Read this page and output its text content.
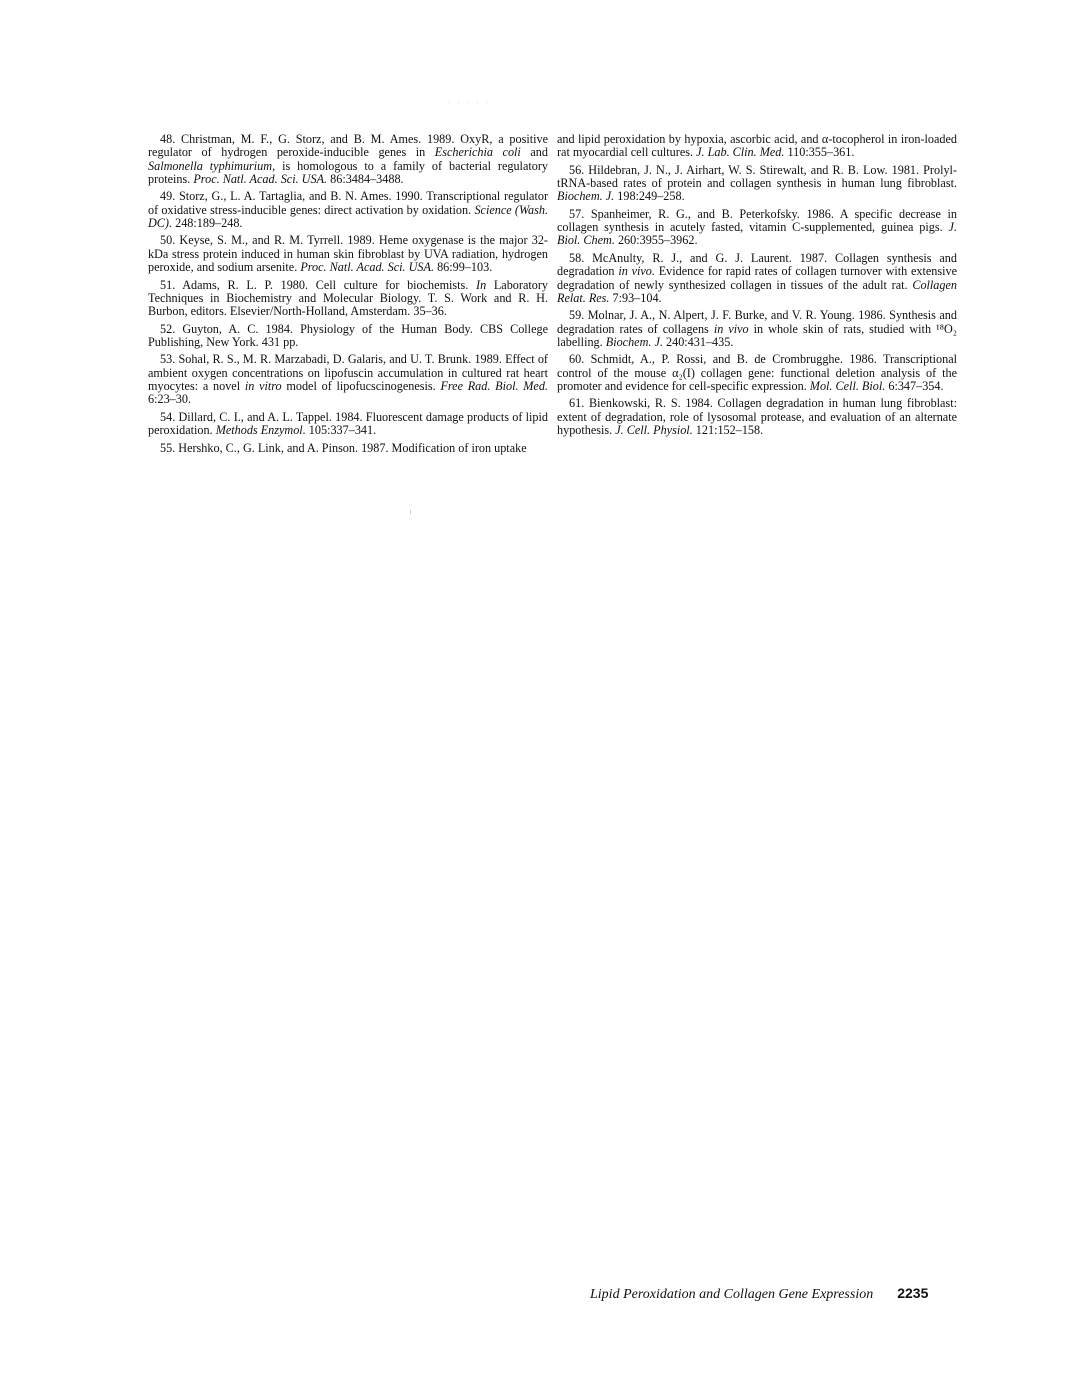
· · · · ·

48. Christman, M. F., G. Storz, and B. M. Ames. 1989. OxyR, a positive regulator of hydrogen peroxide-inducible genes in Escherichia coli and Salmonella typhimurium, is homologous to a family of bacterial regulatory proteins. Proc. Natl. Acad. Sci. USA. 86:3484–3488.

49. Storz, G., L. A. Tartaglia, and B. N. Ames. 1990. Transcriptional regulator of oxidative stress-inducible genes: direct activation by oxidation. Science (Wash. DC). 248:189–248.

50. Keyse, S. M., and R. M. Tyrrell. 1989. Heme oxygenase is the major 32-kDa stress protein induced in human skin fibroblast by UVA radiation, hydrogen peroxide, and sodium arsenite. Proc. Natl. Acad. Sci. USA. 86:99–103.

51. Adams, R. L. P. 1980. Cell culture for biochemists. In Laboratory Techniques in Biochemistry and Molecular Biology. T. S. Work and R. H. Burbon, editors. Elsevier/North-Holland, Amsterdam. 35–36.

52. Guyton, A. C. 1984. Physiology of the Human Body. CBS College Publishing, New York. 431 pp.

53. Sohal, R. S., M. R. Marzabadi, D. Galaris, and U. T. Brunk. 1989. Effect of ambient oxygen concentrations on lipofuscin accumulation in cultured rat heart myocytes: a novel in vitro model of lipofucscinogenesis. Free Rad. Biol. Med. 6:23–30.

54. Dillard, C. I., and A. L. Tappel. 1984. Fluorescent damage products of lipid peroxidation. Methods Enzymol. 105:337–341.

55. Hershko, C., G. Link, and A. Pinson. 1987. Modification of iron uptake

and lipid peroxidation by hypoxia, ascorbic acid, and α-tocopherol in iron-loaded rat myocardial cell cultures. J. Lab. Clin. Med. 110:355–361.

56. Hildebran, J. N., J. Airhart, W. S. Stirewalt, and R. B. Low. 1981. Prolyl-tRNA-based rates of protein and collagen synthesis in human lung fibroblast. Biochem. J. 198:249–258.

57. Spanheimer, R. G., and B. Peterkofsky. 1986. A specific decrease in collagen synthesis in acutely fasted, vitamin C-supplemented, guinea pigs. J. Biol. Chem. 260:3955–3962.

58. McAnulty, R. J., and G. J. Laurent. 1987. Collagen synthesis and degradation in vivo. Evidence for rapid rates of collagen turnover with extensive degradation of newly synthesized collagen in tissues of the adult rat. Collagen Relat. Res. 7:93–104.

59. Molnar, J. A., N. Alpert, J. F. Burke, and V. R. Young. 1986. Synthesis and degradation rates of collagens in vivo in whole skin of rats, studied with ¹⁸O₂ labelling. Biochem. J. 240:431–435.

60. Schmidt, A., P. Rossi, and B. de Crombrugghe. 1986. Transcriptional control of the mouse α₂(I) collagen gene: functional deletion analysis of the promoter and evidence for cell-specific expression. Mol. Cell. Biol. 6:347–354.

61. Bienkowski, R. S. 1984. Collagen degradation in human lung fibroblast: extent of degradation, role of lysosomal protease, and evaluation of an alternate hypothesis. J. Cell. Physiol. 121:152–158.

Lipid Peroxidation and Collagen Gene Expression 2235
